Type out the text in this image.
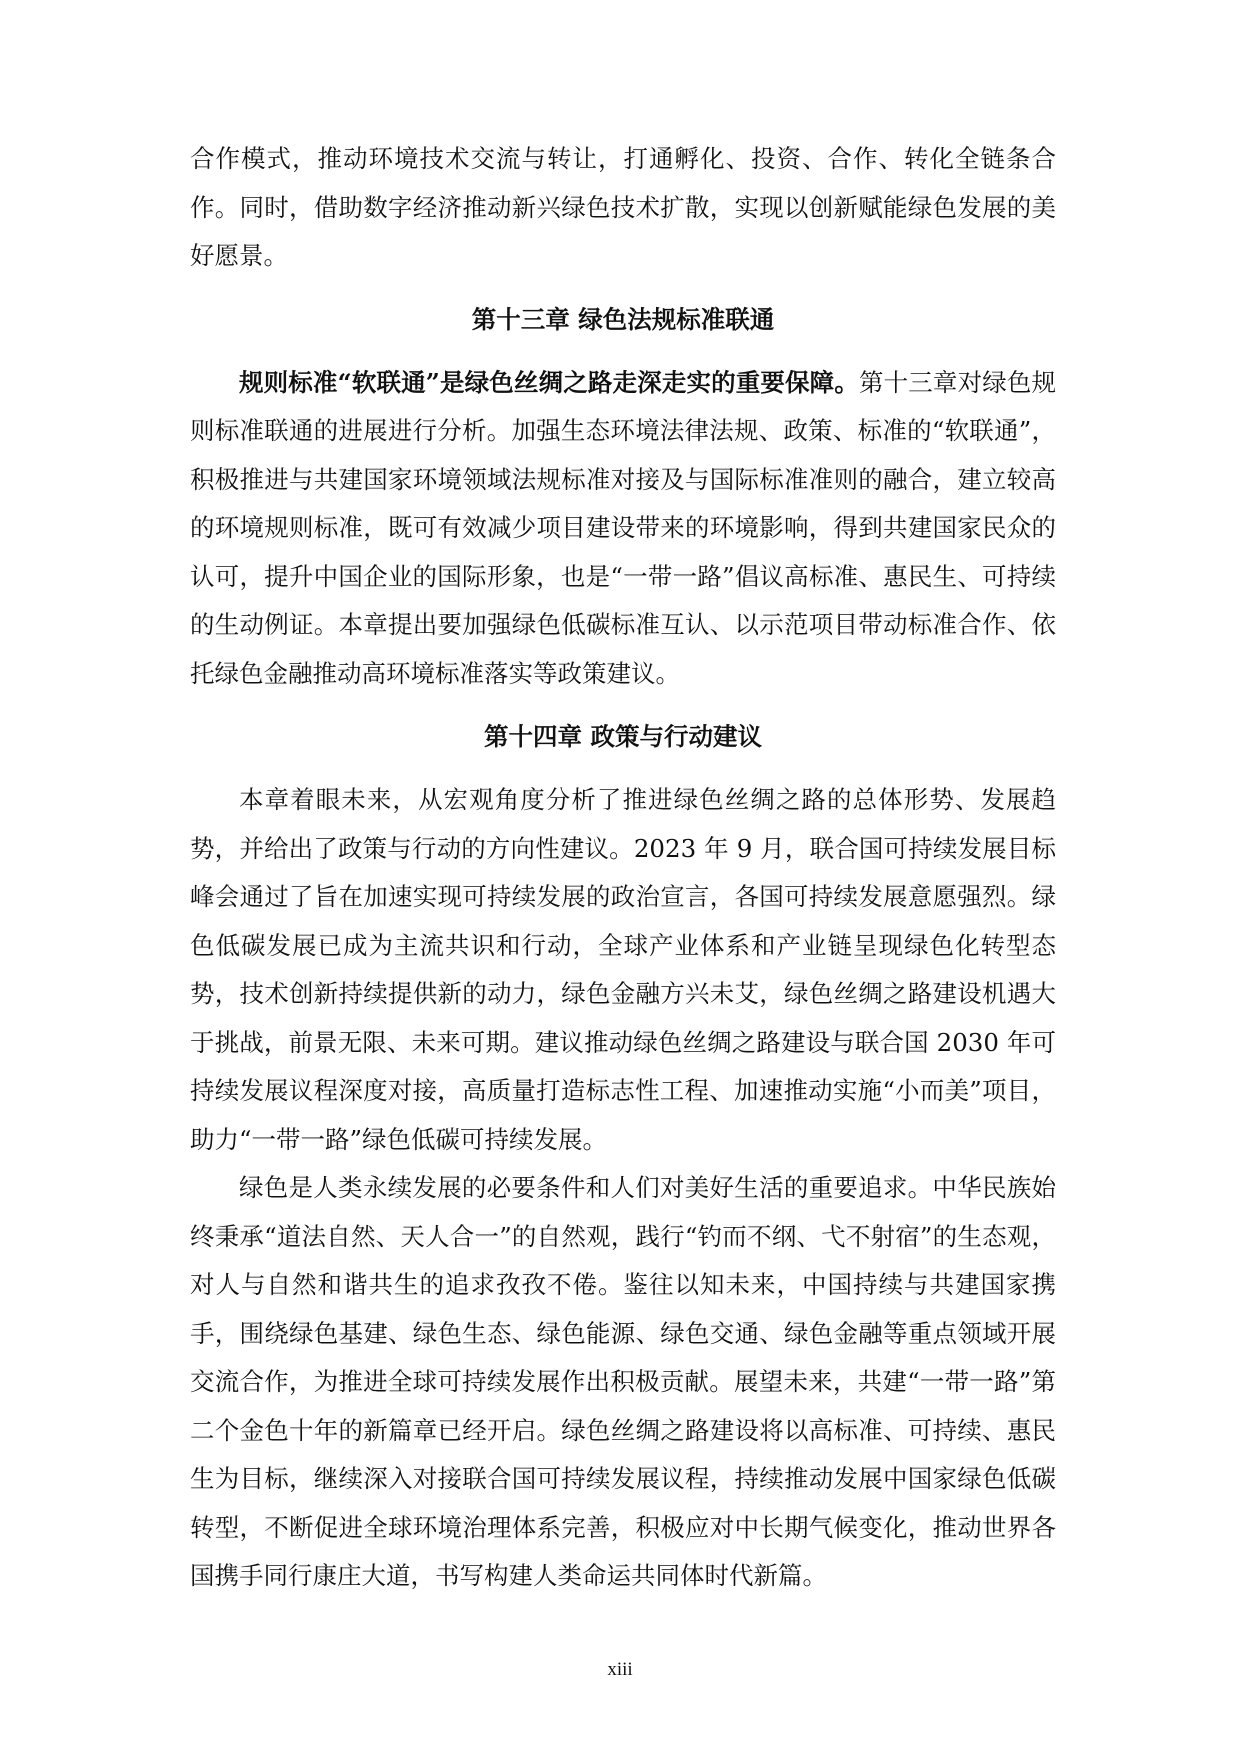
合作模式，推动环境技术交流与转让，打通孵化、投资、合作、转化全链条合作。同时，借助数字经济推动新兴绿色技术扩散，实现以创新赋能绿色发展的美好愿景。

第十三章 绿色法规标准联通

规则标准“软联通”是绿色丝绸之路走深走实的重要保障。第十三章对绿色规则标准联通的进展进行分析。加强生态环境法律法规、政策、标准的“软联通”，积极推进与共建国家环境领域法规标准对接及与国际标准准则的融合，建立较高的环境规则标准，既可有效减少项目建设带来的环境影响，得到共建国家民众的认可，提升中国企业的国际形象，也是“一带一路”倡议高标准、惠民生、可持续的生动例证。本章提出要加强绿色低碳标准互认、以示范项目带动标准合作、依托绿色金融推动高环境标准落实等政策建议。

第十四章 政策与行动建议

本章着眼未来，从宏观角度分析了推进绿色丝绸之路的总体形势、发展趋势，并给出了政策与行动的方向性建议。2023 年 9 月，联合国可持续发展目标峰会通过了旨在加速实现可持续发展的政治宣言，各国可持续发展意愿强烈。绿色低碳发展已成为主流共识和行动，全球产业体系和产业链呈现绿色化转型态势，技术创新持续提供新的动力，绿色金融方兴未艾，绿色丝绸之路建设机遇大于挑战，前景无限、未来可期。建议推动绿色丝绸之路建设与联合国 2030 年可持续发展议程深度对接，高质量打造标志性工程、加速推动实施“小而美”项目，助力“一带一路”绿色低碳可持续发展。

绿色是人类永续发展的必要条件和人们对美好生活的重要追求。中华民族始终秉承“道法自然、天人合一”的自然观，践行“钓而不纲、弋不射宿”的生态观，对人与自然和谐共生的追求孜孜不倦。鉴往以知未来，中国持续与共建国家携手，围绕绿色基建、绿色生态、绿色能源、绿色交通、绿色金融等重点领域开展交流合作，为推进全球可持续发展作出积极贡献。展望未来，共建“一带一路”第二个金色十年的新篇章已经开启。绿色丝绸之路建设将以高标准、可持续、惠民生为目标，继续深入对接联合国可持续发展议程，持续推动发展中国家绿色低碳转型，不断促进全球环境治理体系完善，积极应对中长期气候变化，推动世界各国携手同行康庄大道，书写构建人类命运共同体时代新篇。

xiii
